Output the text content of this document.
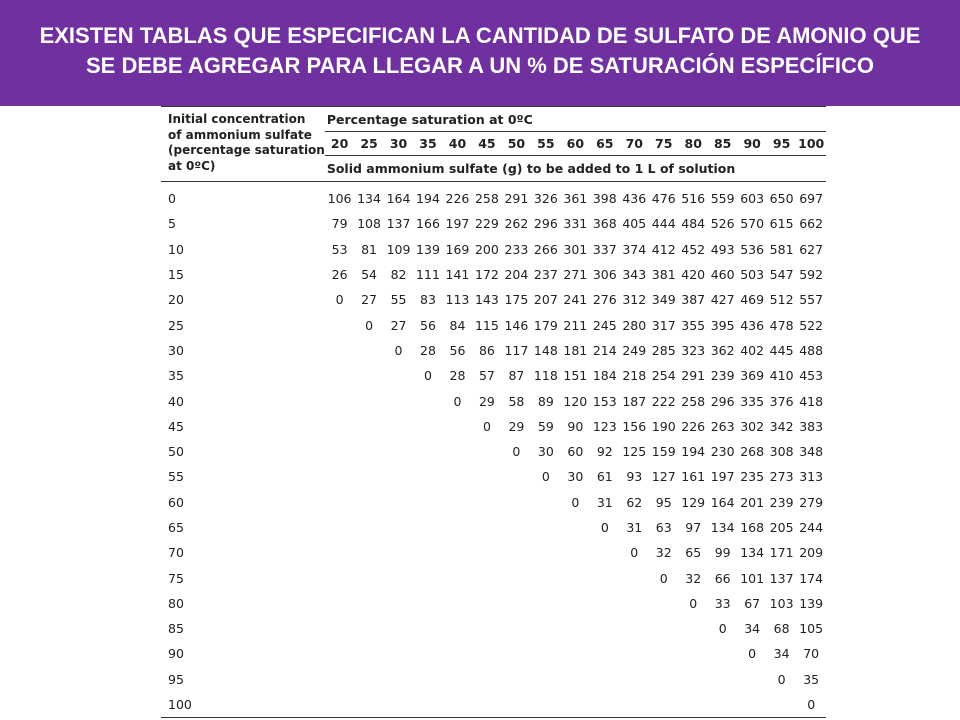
EXISTEN TABLAS QUE ESPECIFICAN LA CANTIDAD DE SULFATO DE AMONIO QUE SE DEBE AGREGAR PARA LLEGAR A UN % DE SATURACIÓN ESPECÍFICO
Initial concentration
of ammonium sulfate
(percentage saturation
at 0ºC)	Percentage saturation at 0ºC																
	20	25	30	35	40	45	50	55	60	65	70	75	80	85	90	95	100
	Solid ammonium sulfate (g) to be added to 1 L of solution																
0	106	134	164	194	226	258	291	326	361	398	436	476	516	559	603	650	697
5	79	108	137	166	197	229	262	296	331	368	405	444	484	526	570	615	662
10	53	81	109	139	169	200	233	266	301	337	374	412	452	493	536	581	627
15	26	54	82	111	141	172	204	237	271	306	343	381	420	460	503	547	592
20	0	27	55	83	113	143	175	207	241	276	312	349	387	427	469	512	557
25		0	27	56	84	115	146	179	211	245	280	317	355	395	436	478	522
30			0	28	56	86	117	148	181	214	249	285	323	362	402	445	488
35				0	28	57	87	118	151	184	218	254	291	239	369	410	453
40					0	29	58	89	120	153	187	222	258	296	335	376	418
45						0	29	59	90	123	156	190	226	263	302	342	383
50							0	30	60	92	125	159	194	230	268	308	348
55								0	30	61	93	127	161	197	235	273	313
60									0	31	62	95	129	164	201	239	279
65										0	31	63	97	134	168	205	244
70											0	32	65	99	134	171	209
75												0	32	66	101	137	174
80													0	33	67	103	139
85														0	34	68	105
90															0	34	70
95																0	35
100																	0
